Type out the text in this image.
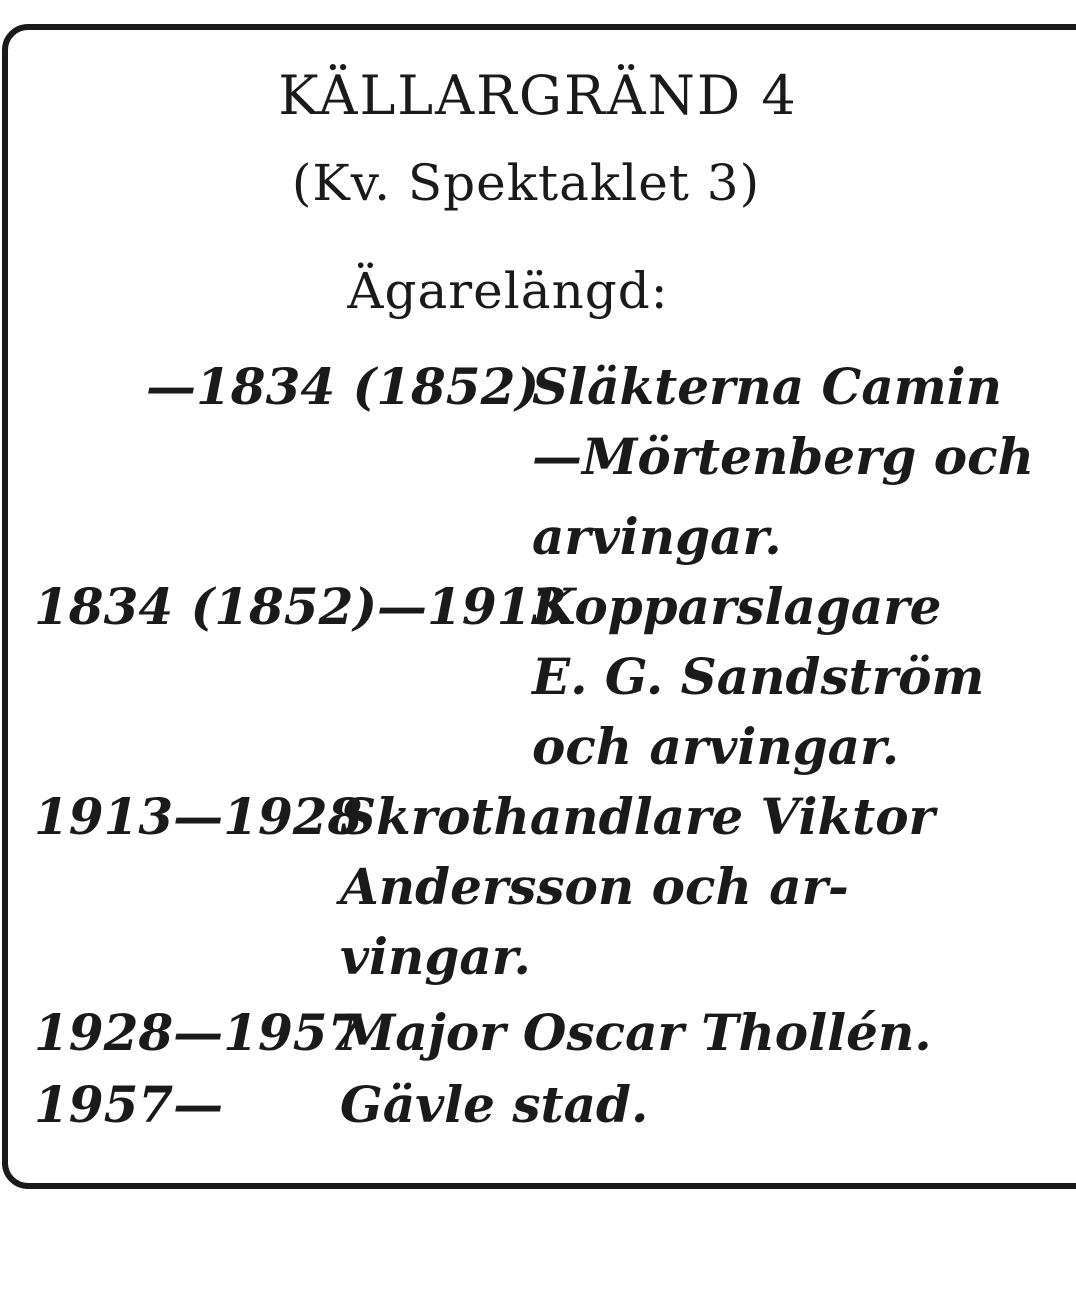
KÄLLARGRÄND 4
(Kv. Spektaklet 3)
Ägarelängd:
—1834 (1852)
Släkterna Camin
—Mörtenberg och
arvingar.
1834 (1852)—1913
Kopparslagare
E. G. Sandström
och arvingar.
1913—1928
Skrothandlare Viktor
Andersson och ar-
vingar.
1928—1957
Major Oscar Thollén.
1957— Gävle stad.
